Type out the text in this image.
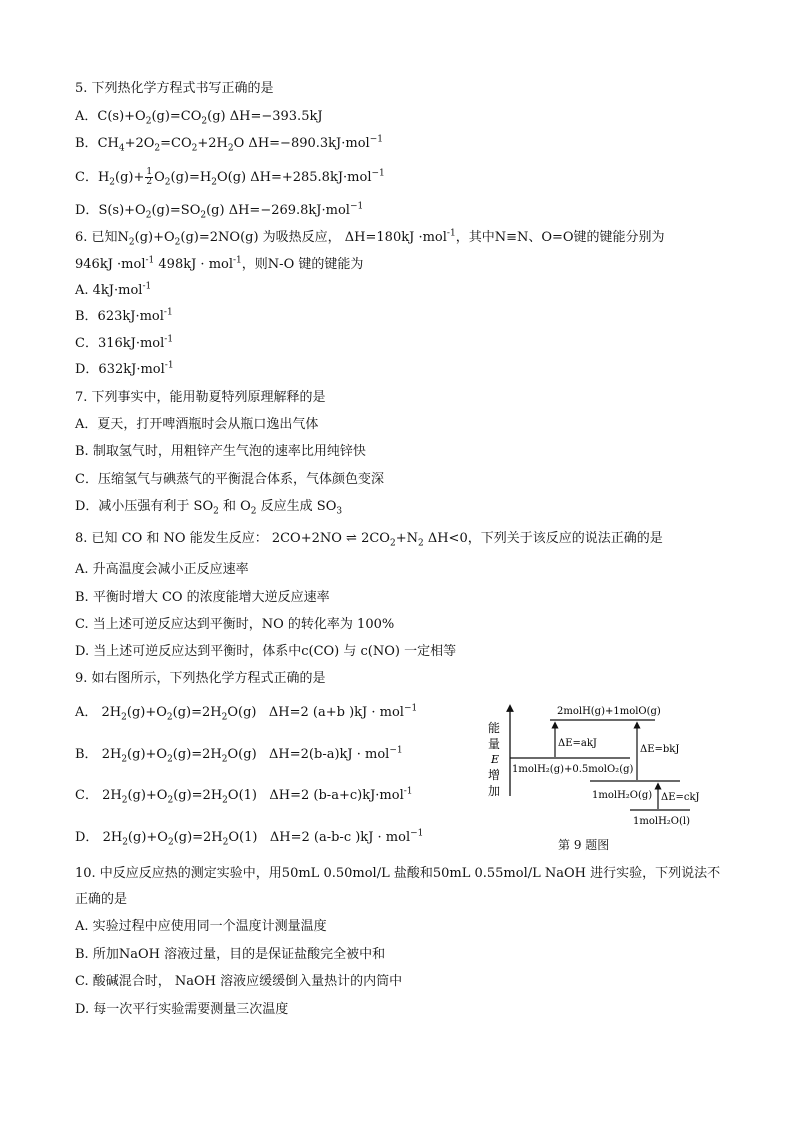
5. 下列热化学方程式书写正确的是
A．$C(s)+O_2(g)=CO_2(g)$ ΔH=−393.5kJ
B．$CH_4+2O_2=CO_2+2H_2O$ ΔH=−890.3kJ·mol$^{-1}$
C．$H_2(g)+ \frac{1}{2} O_2(g)=H_2O(g)$ ΔH=+285.8kJ·mol$^{-1}$
D．$S(s)+O_2(g)=SO_2(g)$ ΔH=−269.8kJ·mol$^{-1}$
6. 已知$N_2(g)+O_2(g)=2NO(g)$ 为吸热反应， ΔH=180kJ ·mol$^{-1}$，其中N≡N、O=O键的键能分别为
946kJ ·mol$^{-1}$ 498kJ · mol$^{-1}$，则N-O 键的键能为
A. 4kJ·mol$^{-1}$
B．623kJ·mol$^{-1}$
C．316kJ·mol$^{-1}$
D．632kJ·mol$^{-1}$
7. 下列事实中，能用勒夏特列原理解释的是
A．夏天，打开啤酒瓶时会从瓶口逸出气体
B. 制取氢气时，用粗锌产生气泡的速率比用纯锌快
C．压缩氢气与碘蒸气的平衡混合体系，气体颜色变深
D．减小压强有利于 $SO_2$ 和 $O_2$ 反应生成 $SO_3$
8. 已知 CO 和 NO 能发生反应： 2CO+2NO ⇌ $2CO_2+N_2$ ΔH<0，下列关于该反应的说法正确的是
A. 升高温度会减小正反应速率
B. 平衡时增大 CO 的浓度能增大逆反应速率
C. 当上述可逆反应达到平衡时，NO 的转化率为 100%
D. 当上述可逆反应达到平衡时，体系中c(CO) 与 c(NO) 一定相等
9. 如右图所示，下列热化学方程式正确的是
A． $2H_2(g)+O_2(g)=2H_2O(g)$   ΔH=2 (a+b )kJ · mol$^{-1}$
B． $2H_2(g)+O_2(g)=2H_2O(g) \Delta H=2(b-a)kJ \cdot mol^{-1}$
C． $2H_2(g)+O_2(g)=2H_2O(1)$   ΔH=2 (b-a+c)kJ·mol$^{-1}$
D． $2H_2(g)+O_2(g)=2H_2O(1)$   ΔH=2 (a-b-c )kJ · mol$^{-1}$
能
量
E
增
加
2molH(g)+1molO(g)
1molH₂(g)+0.5molO₂(g)
1molH₂O(g)
1molH₂O(l)
ΔE=akJ
ΔE=bkJ
ΔE=ckJ
第 9 题图
10. 中反应反应热的测定实验中，用50mL 0.50mol/L 盐酸和50mL 0.55mol/L NaOH 进行实验，下列说法不
正确的是
A. 实验过程中应使用同一个温度计测量温度
B. 所加NaOH 溶液过量，目的是保证盐酸完全被中和
C. 酸碱混合时， NaOH 溶液应缓缓倒入量热计的内筒中
D. 每一次平行实验需要测量三次温度
